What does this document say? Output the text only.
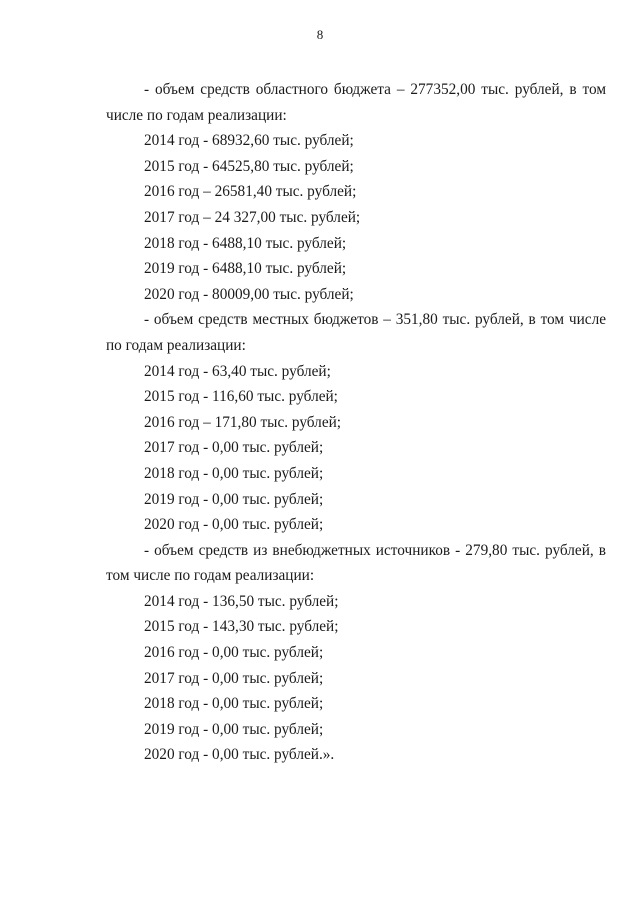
8

- объем средств областного бюджета – 277352,00 тыс. рублей, в том числе по годам реализации:

2014 год - 68932,60 тыс. рублей;

2015 год - 64525,80 тыс. рублей;

2016 год – 26581,40 тыс. рублей;

2017 год – 24 327,00 тыс. рублей;

2018 год - 6488,10 тыс. рублей;

2019 год - 6488,10 тыс. рублей;

2020 год - 80009,00 тыс. рублей;

- объем средств местных бюджетов – 351,80 тыс. рублей, в том числе по годам реализации:

2014 год - 63,40 тыс. рублей;

2015 год - 116,60 тыс. рублей;

2016 год – 171,80 тыс. рублей;

2017 год - 0,00 тыс. рублей;

2018 год - 0,00 тыс. рублей;

2019 год - 0,00 тыс. рублей;

2020 год - 0,00 тыс. рублей;

- объем средств из внебюджетных источников - 279,80 тыс. рублей, в том числе по годам реализации:

2014 год - 136,50 тыс. рублей;

2015 год - 143,30 тыс. рублей;

2016 год - 0,00 тыс. рублей;

2017 год - 0,00 тыс. рублей;

2018 год - 0,00 тыс. рублей;

2019 год - 0,00 тыс. рублей;

2020 год - 0,00 тыс. рублей.».
